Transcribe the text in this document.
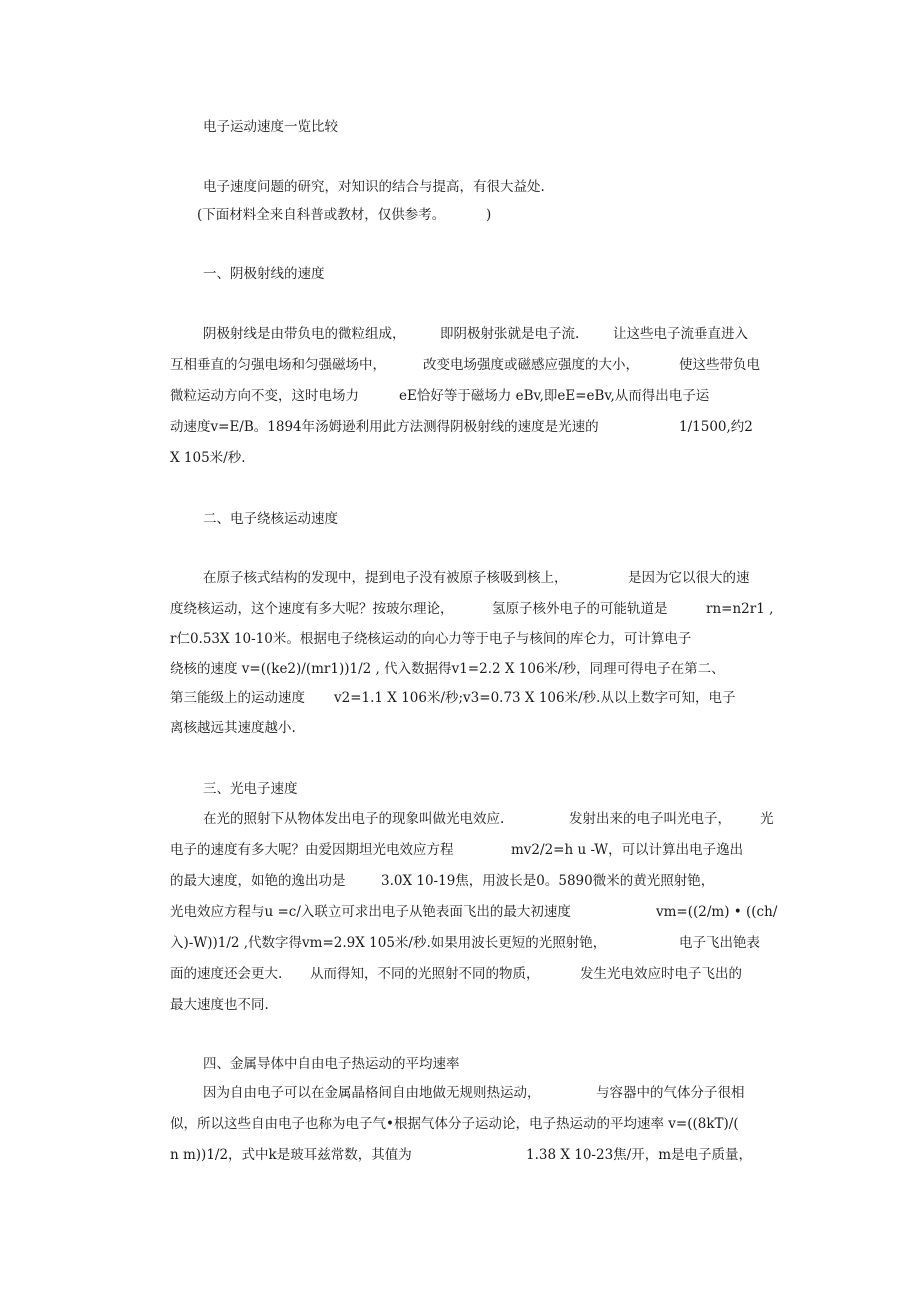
电子运动速度一览比较
电子速度问题的研究，对知识的结合与提高，有很大益处.
(下面材料全来自科普或教材，仅供参考。	)
一、阴极射线的速度
阴极射线是由带负电的微粒组成，	即阴极射张就是电子流. 让这些电子流垂直进入
互相垂直的匀强电场和匀强磁场中，	改变电场强度或磁感应强度的大小，	使这些带负电
微粒运动方向不变，这时电场力	eE恰好等于磁场力 eBv,即eE=eBv,从而得出电子运
动速度v=E/B。1894年汤姆逊利用此方法测得阴极射线的速度是光速的	1/1500,约2
X 105米/秒.
二、电子绕核运动速度
在原子核式结构的发现中，提到电子没有被原子核吸到核上，	是因为它以很大的速
度绕核运动，这个速度有多大呢？按玻尔理论，	氢原子核外电子的可能轨道是	rn=n2r1 ,
r仁0.53X 10-10米。根据电子绕核运动的向心力等于电子与核间的库仑力，可计算电子
绕核的速度 v=((ke2)/(mr1))1/2 , 代入数据得v1=2.2 X 106米/秒，同理可得电子在第二、
第三能级上的运动速度 v2=1.1 X 106米/秒;v3=0.73 X 106米/秒.从以上数字可知，电子
离核越远其速度越小.
三、光电子速度
在光的照射下从物体发出电子的现象叫做光电效应.	发射出来的电子叫光电子， 光
电子的速度有多大呢？由爱因期坦光电效应方程	mv2/2=h u -W，可以计算出电子逸出
的最大速度，如铯的逸出功是	3.0X 10-19焦，用波长是0。5890微米的黄光照射铯，
光电效应方程与u =c/入联立可求出电子从铯表面飞出的最大初速度	vm=((2/m) • ((ch/
入)-W))1/2 ,代数字得vm=2.9X 105米/秒.如果用波长更短的光照射铯，	电子飞出铯表
面的速度还会更大. 从而得知，不同的光照射不同的物质，	发生光电效应时电子飞出的
最大速度也不同.
四、金属导体中自由电子热运动的平均速率
因为自由电子可以在金属晶格间自由地做无规则热运动，	与容器中的气体分子很相
似，所以这些自由电子也称为电子气•根据气体分子运动论，电子热运动的平均速率 v=((8kT)/(
n m))1/2，式中k是玻耳兹常数，其值为	1.38 X 10-23焦/开，m是电子质量，
